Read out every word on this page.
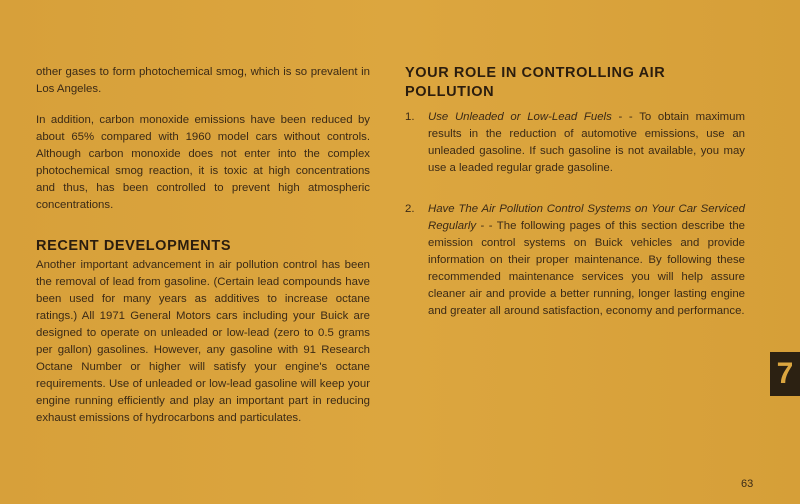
other gases to form photochemical smog, which is so prevalent in Los Angeles.

In addition, carbon monoxide emissions have been reduced by about 65% compared with 1960 model cars without controls. Although carbon monoxide does not enter into the complex photochemical smog reaction, it is toxic at high concentrations and thus, has been controlled to prevent high atmospheric concentrations.

RECENT DEVELOPMENTS

Another important advancement in air pollution control has been the removal of lead from gasoline. (Certain lead compounds have been used for many years as additives to increase octane ratings.) All 1971 General Motors cars including your Buick are designed to operate on unleaded or low-lead (zero to 0.5 grams per gallon) gasolines. However, any gasoline with 91 Research Octane Number or higher will satisfy your engine's octane requirements. Use of unleaded or low-lead gasoline will keep your engine running efficiently and play an important part in reducing exhaust emissions of hydrocarbons and particulates.

YOUR ROLE IN CONTROLLING AIR POLLUTION
1. Use Unleaded or Low-Lead Fuels - - To obtain maximum results in the reduction of automotive emissions, use an unleaded gasoline. If such gasoline is not available, you may use a leaded regular grade gasoline.
2. Have The Air Pollution Control Systems on Your Car Serviced Regularly - - The following pages of this section describe the emission control systems on Buick vehicles and provide information on their proper maintenance. By following these recommended maintenance services you will help assure cleaner air and provide a better running, longer lasting engine and greater all around satisfaction, economy and performance.
7
63
